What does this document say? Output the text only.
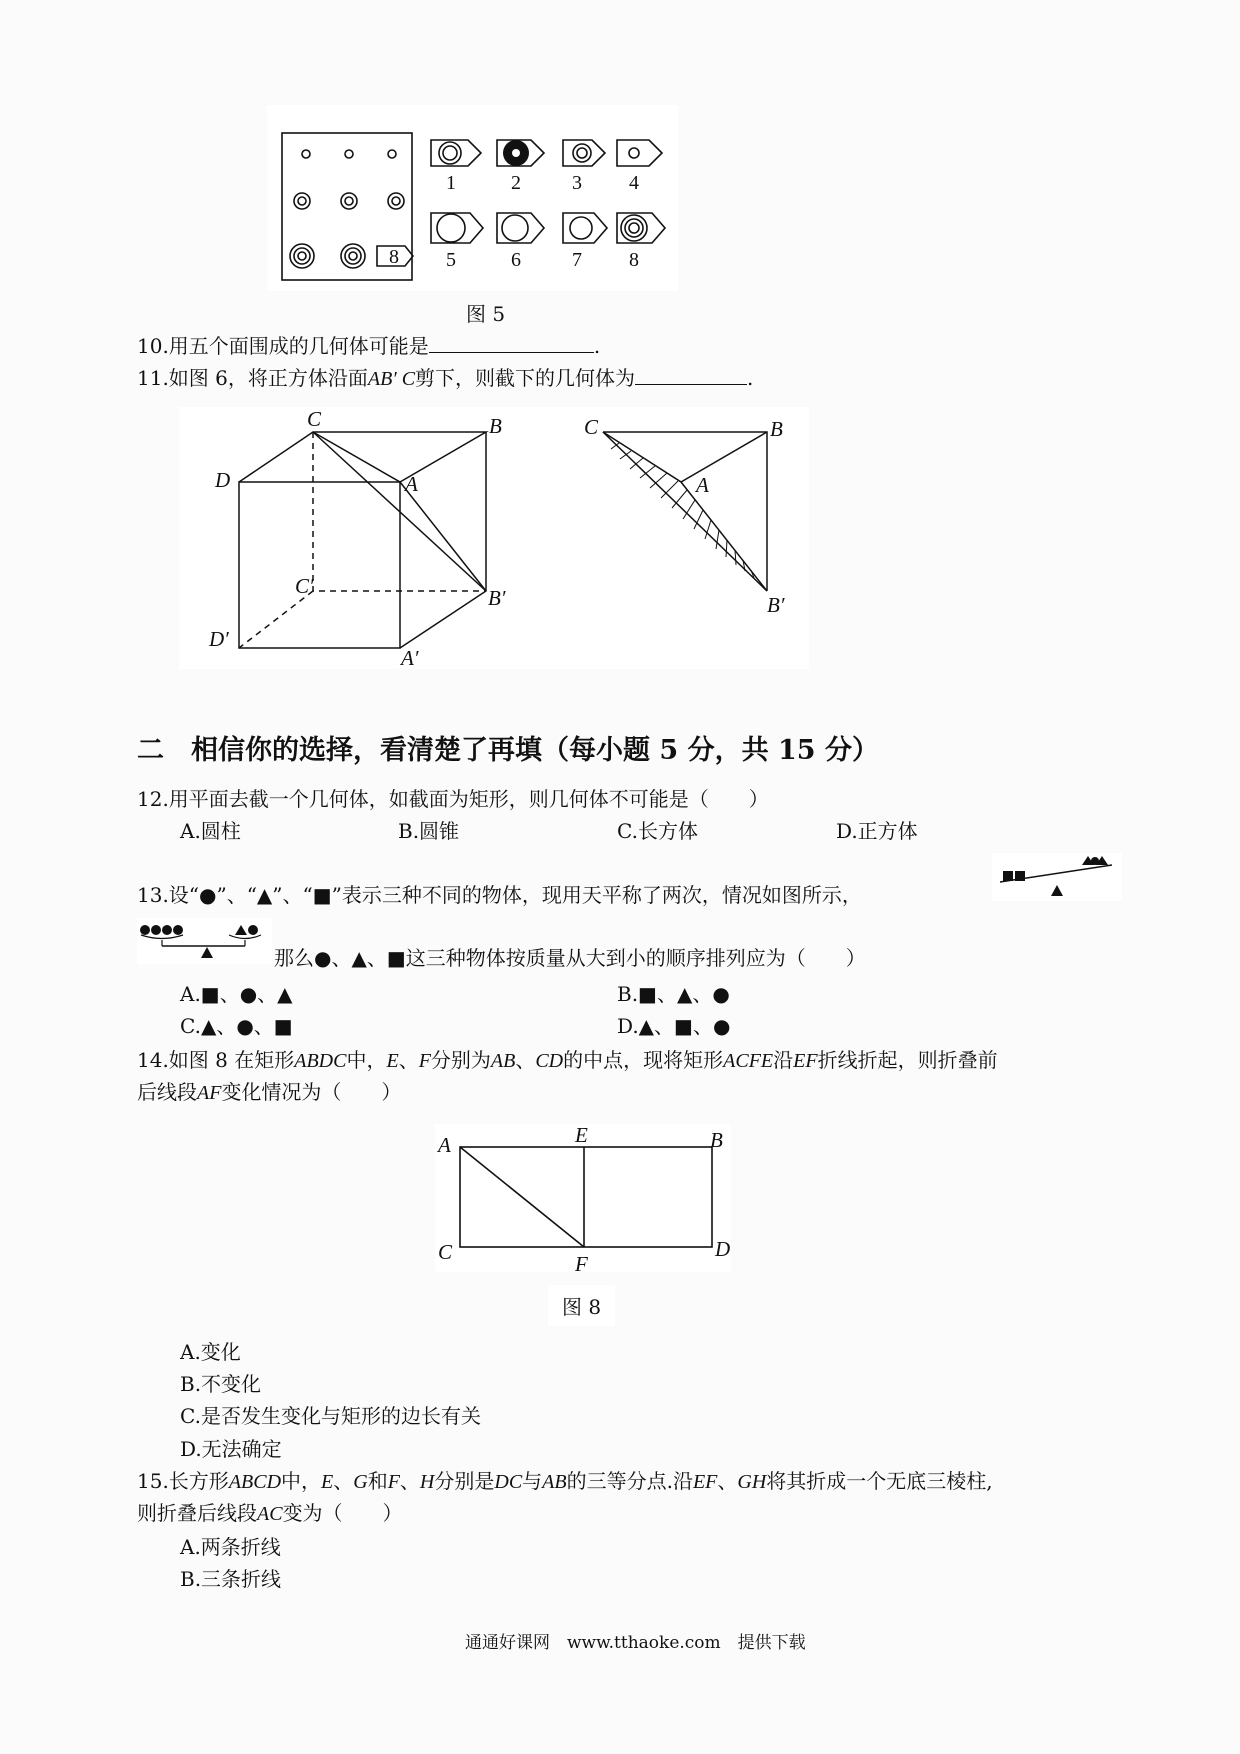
8
1	2	3 4
5	6	7 8
图 5
10.用五个面围成的几何体可能是	.
11.如图 6，将正方体沿面AB′ C剪下，则截下的几何体为	.
C	B
D	A
C′	B′
D′
A′
C	B
A
B′
二　相信你的选择，看清楚了再填（每小题 5 分，共 15 分）
12.用平面去截一个几何体，如截面为矩形，则几何体不可能是（　　）
A.圆柱	B.圆锥	C.长方体	D.正方体
13.设“●”、“▲”、“■”表示三种不同的物体，现用天平称了两次，情况如图所示，
那么●、▲、■这三种物体按质量从大到小的顺序排列应为（　　）
A.■、●、▲	B.■、▲、●
C.▲、●、■	D.▲、■、●
14.如图 8 在矩形ABDC中，E、F分别为AB、CD的中点，现将矩形ACFE沿EF折线折起，则折叠前
后线段AF变化情况为（　　）
A	E	B
C	F
D
图 8
A.变化
B.不变化
C.是否发生变化与矩形的边长有关
D.无法确定
15.长方形ABCD中，E、G和F、H分别是DC与AB的三等分点.沿EF、GH将其折成一个无底三棱柱,
则折叠后线段AC变为（　　）
A.两条折线
B.三条折线
通通好课网　www.tthaoke.com　提供下载
